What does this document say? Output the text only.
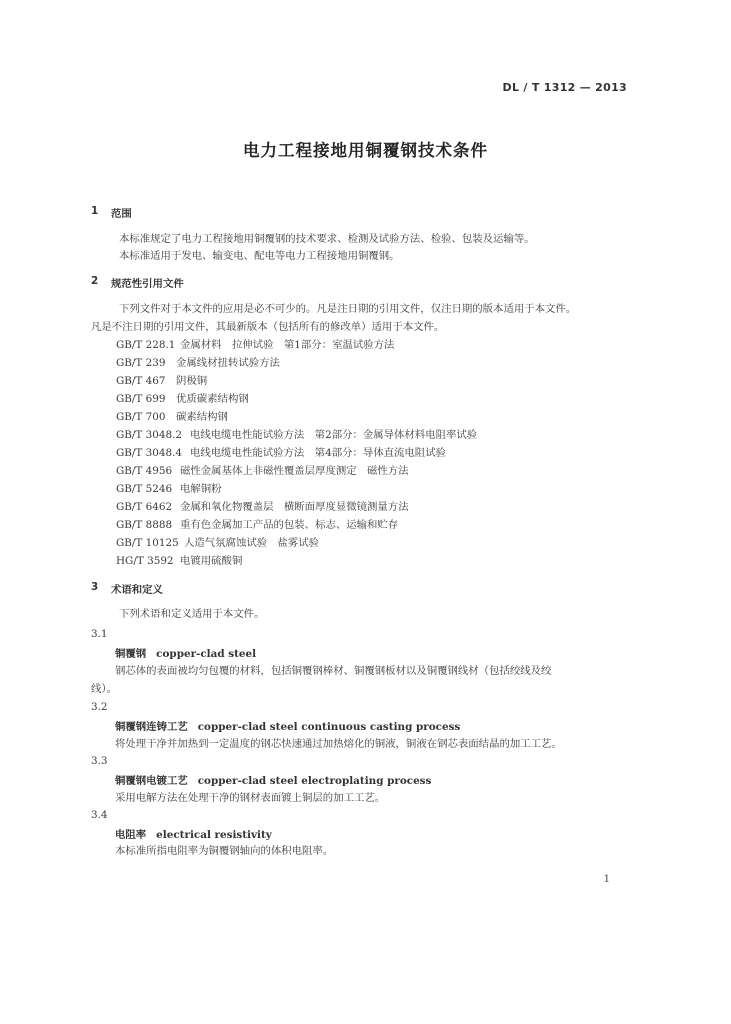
DL / T 1312 — 2013
电力工程接地用铜覆钢技术条件
1 范围
本标准规定了电力工程接地用铜覆钢的技术要求、检测及试验方法、检验、包装及运输等。
本标准适用于发电、输变电、配电等电力工程接地用铜覆钢。
2 规范性引用文件
下列文件对于本文件的应用是必不可少的。凡是注日期的引用文件，仅注日期的版本适用于本文件。
凡是不注日期的引用文件，其最新版本（包括所有的修改单）适用于本文件。
GB/T 228.1 金属材料　拉伸试验　第1部分：室温试验方法
GB/T 239 金属线材扭转试验方法
GB/T 467 阴极铜
GB/T 699 优质碳素结构钢
GB/T 700 碳素结构钢
GB/T 3048.2 电线电缆电性能试验方法　第2部分：金属导体材料电阻率试验
GB/T 3048.4 电线电缆电性能试验方法　第4部分：导体直流电阻试验
GB/T 4956 磁性金属基体上非磁性覆盖层厚度测定　磁性方法
GB/T 5246 电解铜粉
GB/T 6462 金属和氧化物覆盖层　横断面厚度显微镜测量方法
GB/T 8888 重有色金属加工产品的包装、标志、运输和贮存
GB/T 10125 人造气氛腐蚀试验　盐雾试验
HG/T 3592 电镀用硫酸铜
3 术语和定义
下列术语和定义适用于本文件。
3.1
铜覆钢 copper-clad steel
钢芯体的表面被均匀包覆的材料，包括铜覆钢棒材、铜覆钢板材以及铜覆钢线材（包括绞线及绞
线）。
3.2
铜覆钢连铸工艺 copper-clad steel continuous casting process
将处理干净并加热到一定温度的钢芯快速通过加热熔化的铜液，铜液在钢芯表面结晶的加工工艺。
3.3
铜覆钢电镀工艺 copper-clad steel electroplating process
采用电解方法在处理干净的钢材表面镀上铜层的加工工艺。
3.4
电阻率 electrical resistivity
本标准所指电阻率为铜覆钢轴向的体积电阻率。
1
